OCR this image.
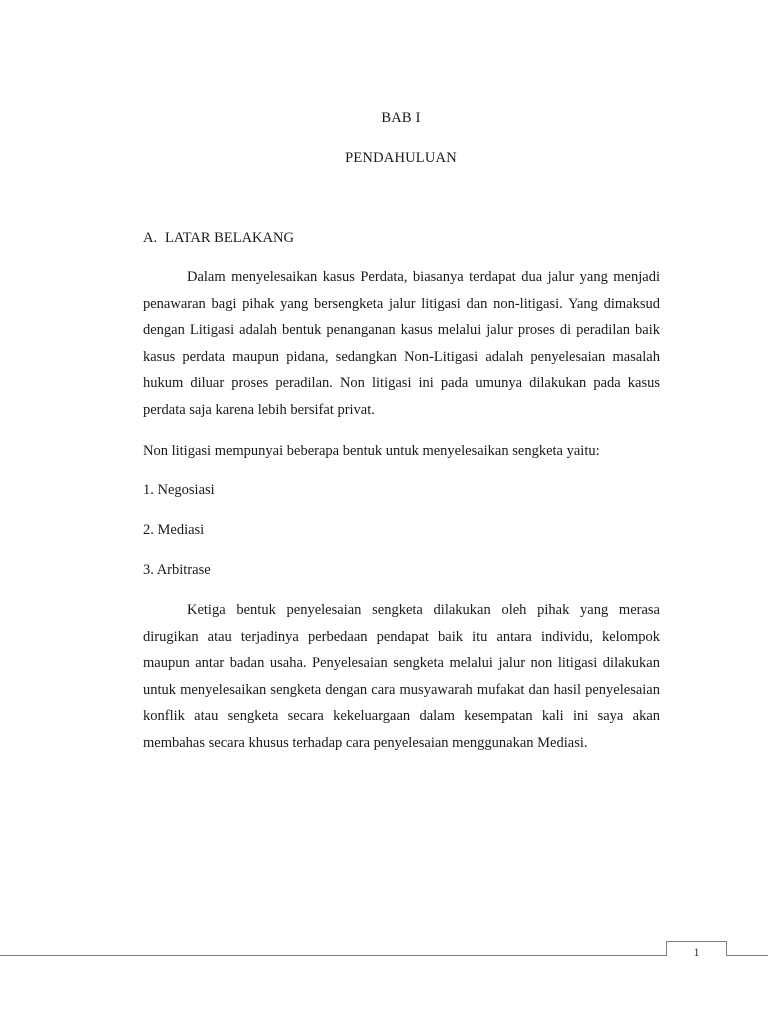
BAB I
PENDAHULUAN
A. LATAR BELAKANG

Dalam menyelesaikan kasus Perdata, biasanya terdapat dua jalur yang menjadi penawaran bagi pihak yang bersengketa jalur litigasi dan non-litigasi. Yang dimaksud dengan Litigasi adalah bentuk penanganan kasus melalui jalur proses di peradilan baik kasus perdata maupun pidana, sedangkan Non-Litigasi adalah penyelesaian masalah hukum diluar proses peradilan. Non litigasi ini pada umunya dilakukan pada kasus perdata saja karena lebih bersifat privat.

Non litigasi mempunyai beberapa bentuk untuk menyelesaikan sengketa yaitu:
1. Negosiasi
2. Mediasi
3. Arbitrase

Ketiga bentuk penyelesaian sengketa dilakukan oleh pihak yang merasa dirugikan atau terjadinya perbedaan pendapat baik itu antara individu, kelompok maupun antar badan usaha. Penyelesaian sengketa melalui jalur non litigasi dilakukan untuk menyelesaikan sengketa dengan cara musyawarah mufakat dan hasil penyelesaian konflik atau sengketa secara kekeluargaan dalam kesempatan kali ini saya akan membahas secara khusus terhadap cara penyelesaian menggunakan Mediasi.

1
